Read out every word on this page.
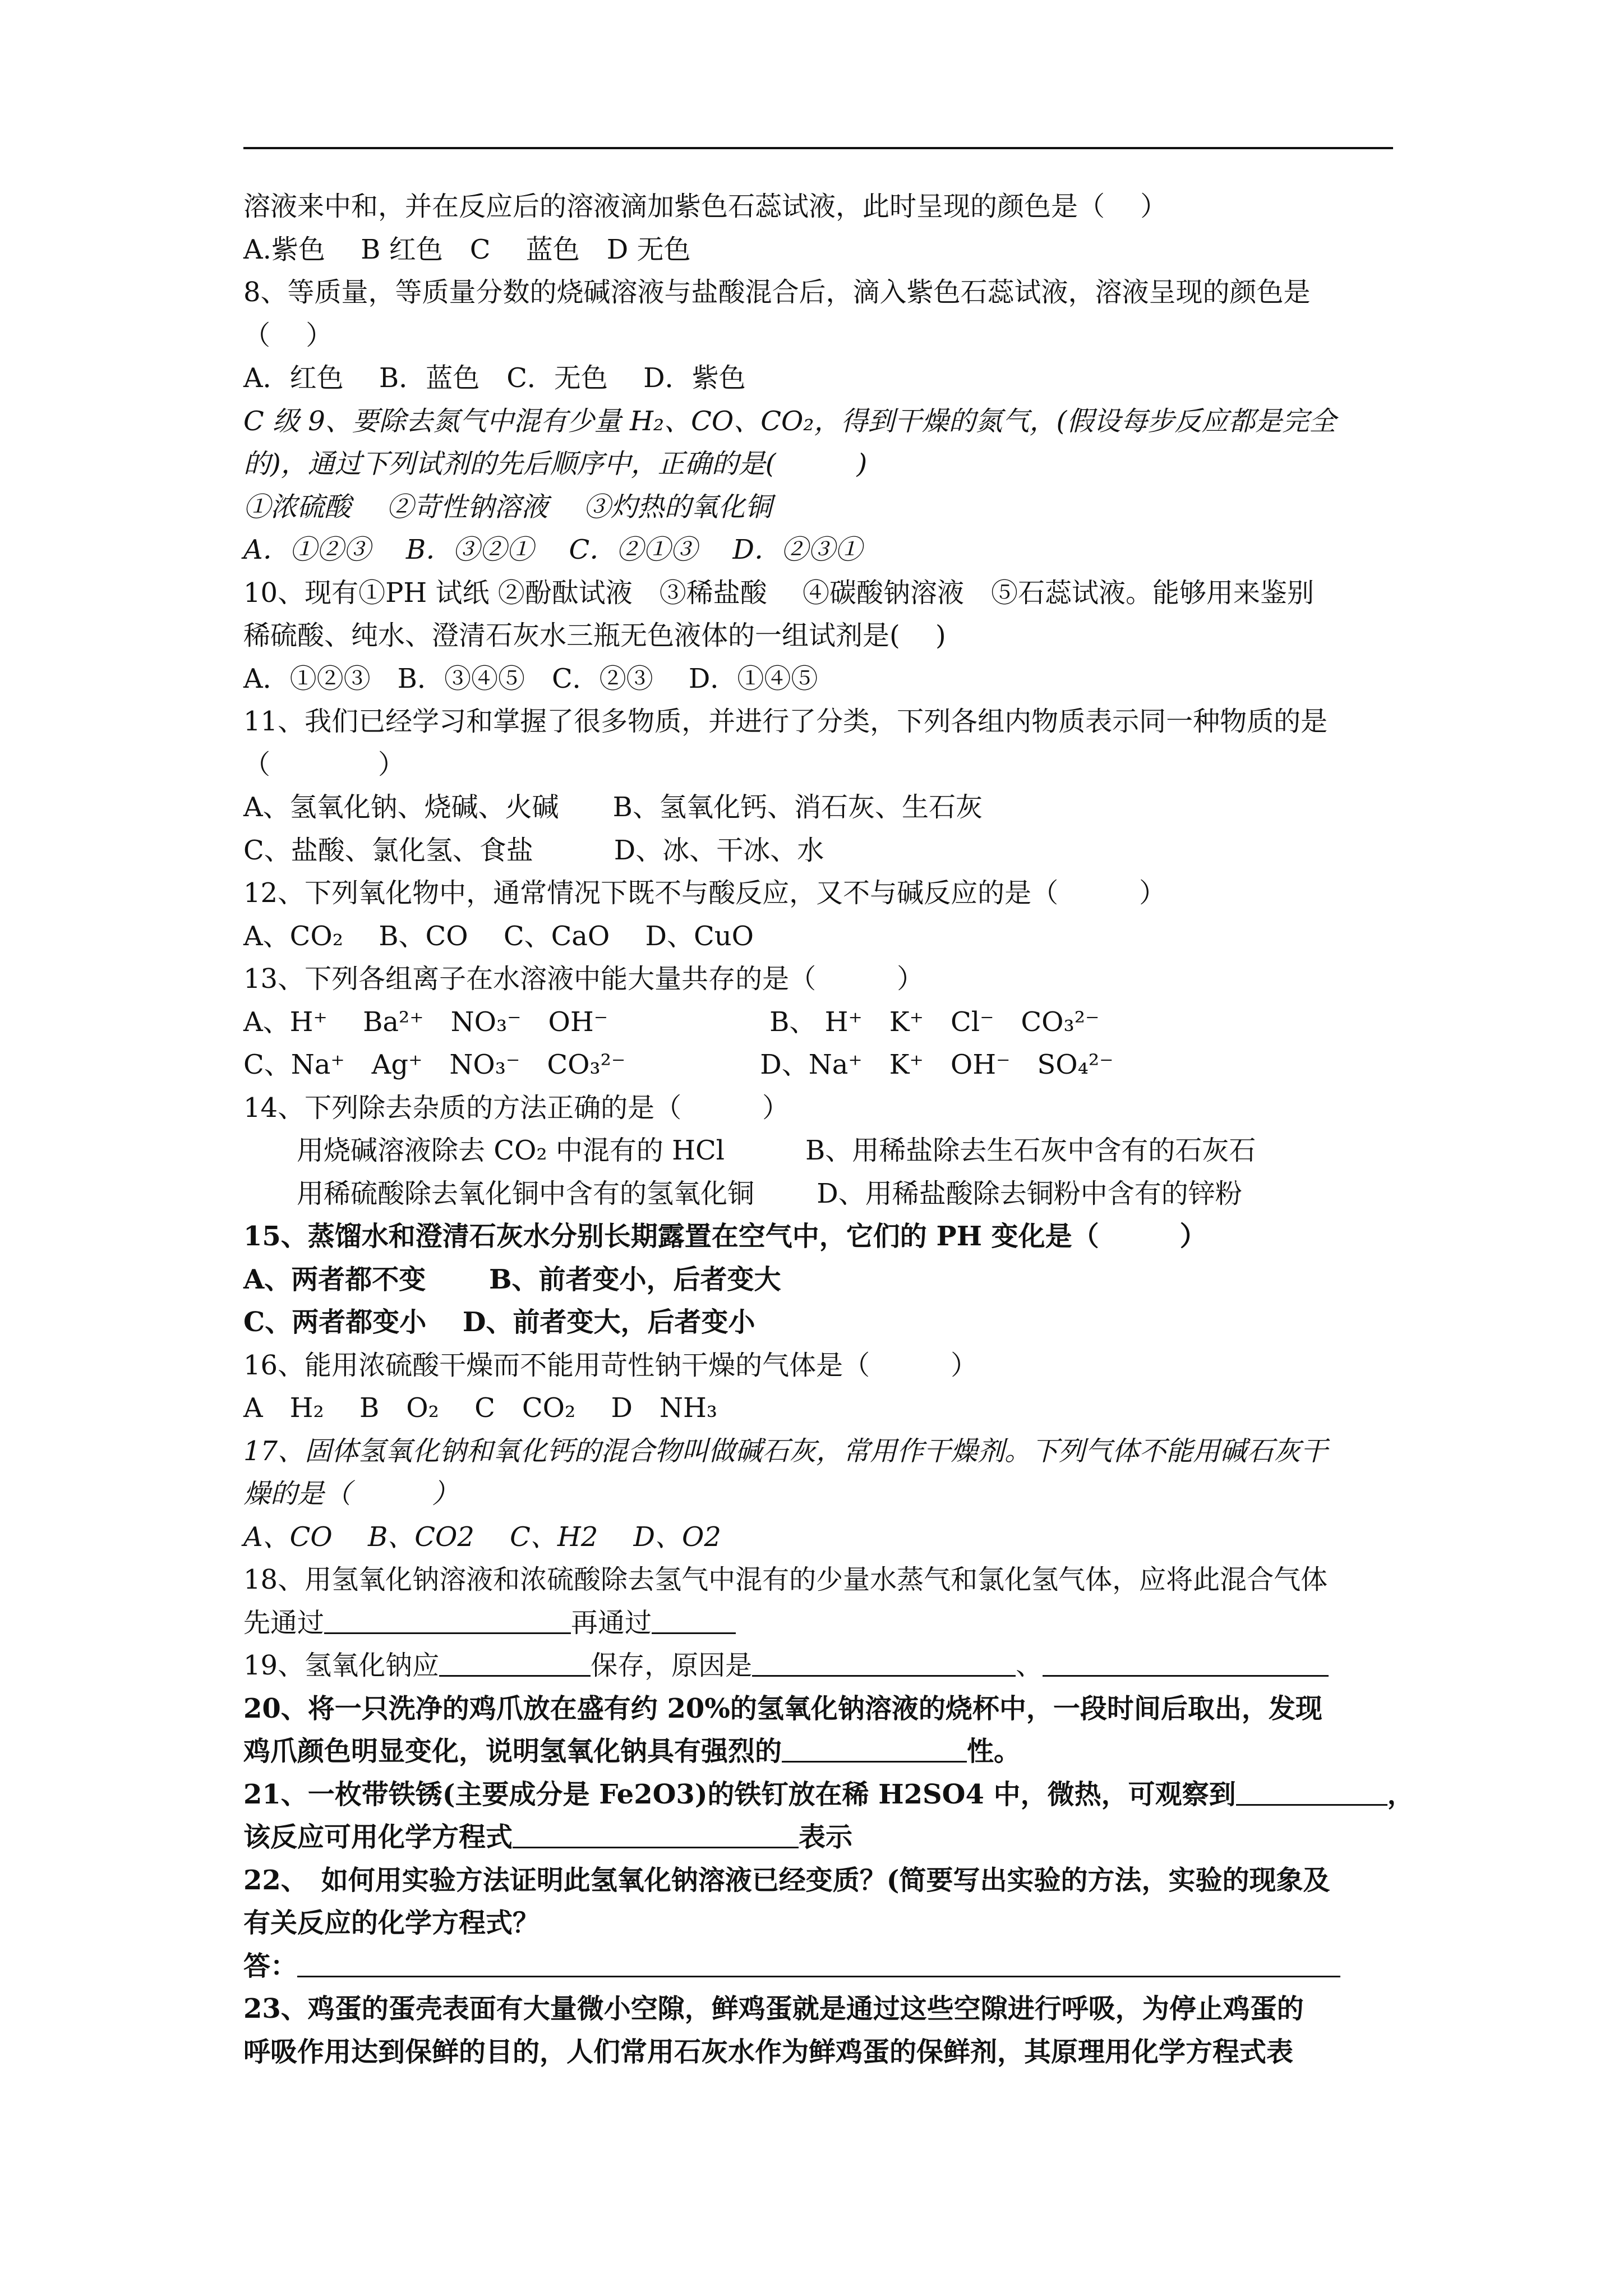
溶液来中和，并在反应后的溶液滴加紫色石蕊试液，此时呈现的颜色是（　 ）
A.紫色　 B 红色　C　 蓝色　D 无色
8、等质量，等质量分数的烧碱溶液与盐酸混合后，滴入紫色石蕊试液，溶液呈现的颜色是
（　 ）
A．红色　 B．蓝色　C．无色　 D．紫色
C 级 9、要除去氮气中混有少量 H₂、CO、CO₂，得到干燥的氮气，(假设每步反应都是完全
的)，通过下列试剂的先后顺序中，正确的是(　　　)
①浓硫酸　 ②苛性钠溶液　 ③灼热的氧化铜
A．①②③　 B．③②①　 C．②①③　 D．②③①
10、现有①PH 试纸 ②酚酞试液　③稀盐酸　 ④碳酸钠溶液　⑤石蕊试液。能够用来鉴别
稀硫酸、纯水、澄清石灰水三瓶无色液体的一组试剂是(　 )
A．①②③　B．③④⑤　C．②③　 D．①④⑤
11、我们已经学习和掌握了很多物质，并进行了分类，下列各组内物质表示同一种物质的是
（　　　　）
A、氢氧化钠、烧碱、火碱　　B、氢氧化钙、消石灰、生石灰
C、盐酸、氯化氢、食盐　　　D、冰、干冰、水
12、下列氧化物中，通常情况下既不与酸反应，又不与碱反应的是（　　　）
A、CO₂　 B、CO　 C、CaO　 D、CuO
13、下列各组离子在水溶液中能大量共存的是（　　　）
A、H⁺　 Ba²⁺　NO₃⁻　OH⁻　　　　　　B、 H⁺　K⁺　Cl⁻　CO₃²⁻
C、Na⁺　Ag⁺　NO₃⁻　CO₃²⁻　　　　　D、Na⁺　K⁺　OH⁻　SO₄²⁻
14、下列除去杂质的方法正确的是（　　　）
用烧碱溶液除去 CO₂ 中混有的 HCl　　　B、用稀盐除去生石灰中含有的石灰石
用稀硫酸除去氧化铜中含有的氢氧化铜　　 D、用稀盐酸除去铜粉中含有的锌粉
15、蒸馏水和澄清石灰水分别长期露置在空气中，它们的 PH 变化是（　　　）
A、两者都不变　　 B、前者变小，后者变大
C、两者都变小　 D、前者变大，后者变小
16、能用浓硫酸干燥而不能用苛性钠干燥的气体是（　　　）
A　H₂　 B　O₂　 C　CO₂　 D　NH₃
17、固体氢氧化钠和氧化钙的混合物叫做碱石灰，常用作干燥剂。下列气体不能用碱石灰干
燥的是（　　　）
A、CO　 B、CO2　 C、H2　 D、O2
18、用氢氧化钠溶液和浓硫酸除去氢气中混有的少量水蒸气和氯化氢气体，应将此混合气体
先通过	再通过
19、氢氧化钠应	保存，原因是	、
20、将一只洗净的鸡爪放在盛有约 20%的氢氧化钠溶液的烧杯中，一段时间后取出，发现
鸡爪颜色明显变化，说明氢氧化钠具有强烈的	性。
21、一枚带铁锈(主要成分是 Fe2O3)的铁钉放在稀 H2SO4 中，微热，可观察到	，
该反应可用化学方程式	表示
22、　如何用实验方法证明此氢氧化钠溶液已经变质？(简要写出实验的方法，实验的现象及
有关反应的化学方程式？
答：
23、鸡蛋的蛋壳表面有大量微小空隙，鲜鸡蛋就是通过这些空隙进行呼吸，为停止鸡蛋的
呼吸作用达到保鲜的目的，人们常用石灰水作为鲜鸡蛋的保鲜剂，其原理用化学方程式表
